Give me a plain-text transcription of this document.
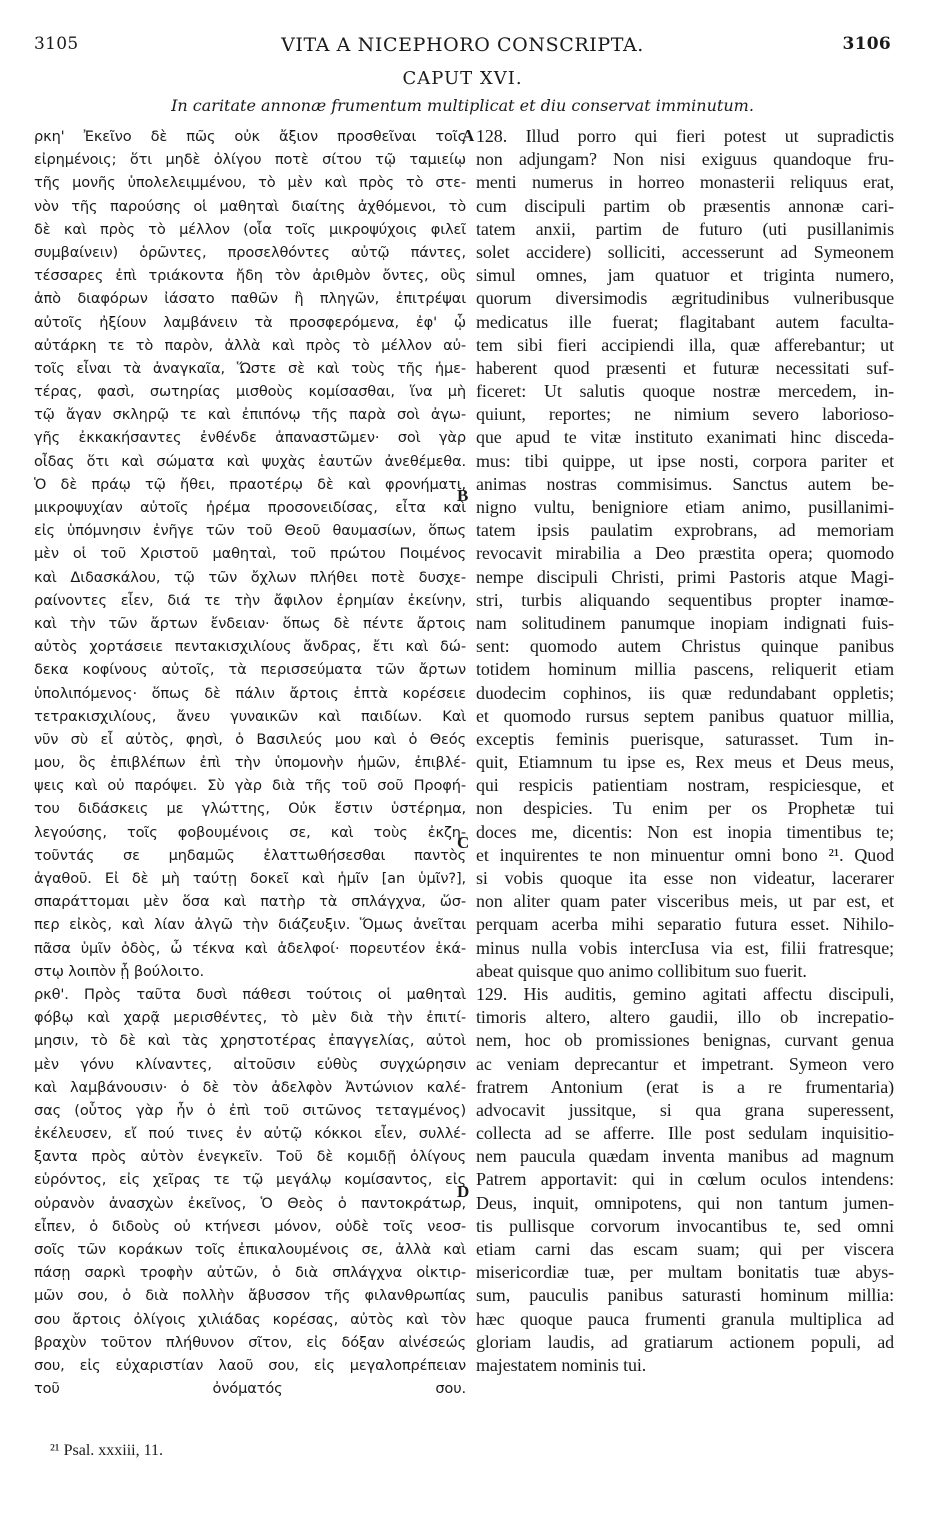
3105	VITA A NICEPHORO CONSCRIPTA.	3106
CAPUT XVI.
In caritate annonæ frumentum multiplicat et diu conservat imminutum.
ρκη' Ἐκεῖνο δὲ πῶς οὐκ ἄξιον προσθεῖναι τοῖς
εἰρημένοις; ὅτι μηδὲ ὀλίγου ποτὲ σίτου τῷ ταμιείῳ
τῆς μονῆς ὑπολελειμμένου, τὸ μὲν καὶ πρὸς τὸ στε-
νὸν τῆς παρούσης οἱ μαθηταὶ διαίτης ἀχθόμενοι, τὸ
δὲ καὶ πρὸς τὸ μέλλον (οἷα τοῖς μικροψύχοις φιλεῖ
συμβαίνειν) ὁρῶντες, προσελθόντες αὐτῷ πάντες,
τέσσαρες ἐπὶ τριάκοντα ἤδη τὸν ἀριθμὸν ὄντες, οὓς
ἀπὸ διαφόρων ἰάσατο παθῶν ἢ πληγῶν, ἐπιτρέψαι
αὐτοῖς ἠξίουν λαμβάνειν τὰ προσφερόμενα, ἐφ' ᾧ
αὐτάρκη τε τὸ παρὸν, ἀλλὰ καὶ πρὸς τὸ μέλλον αὐ-
τοῖς εἶναι τὰ ἀναγκαῖα, Ὥστε σὲ καὶ τοὺς τῆς ἡμε-
τέρας, φασὶ, σωτηρίας μισθοὺς κομίσασθαι, ἵνα μὴ
τῷ ἄγαν σκληρῷ τε καὶ ἐπιπόνῳ τῆς παρὰ σοὶ ἀγω-
γῆς ἐκκακήσαντες ἐνθένδε ἀπαναστῶμεν· σοὶ γὰρ
οἶδας ὅτι καὶ σώματα καὶ ψυχὰς ἑαυτῶν ἀνεθέμεθα.
Ὁ δὲ πράῳ τῷ ἤθει, πραοτέρῳ δὲ καὶ φρονήματι,
μικροψυχίαν αὐτοῖς ἠρέμα προσονειδίσας, εἶτα καὶ
εἰς ὑπόμνησιν ἐνῆγε τῶν τοῦ Θεοῦ θαυμασίων, ὅπως
μὲν οἱ τοῦ Χριστοῦ μαθηταὶ, τοῦ πρώτου Ποιμένος
καὶ Διδασκάλου, τῷ τῶν ὄχλων πλήθει ποτὲ δυσχε-
ραίνοντες εἶεν, διά τε τὴν ἄφιλον ἐρημίαν ἐκείνην,
καὶ τὴν τῶν ἄρτων ἔνδειαν· ὅπως δὲ πέντε ἄρτοις
αὐτὸς χορτάσειε πεντακισχιλίους ἄνδρας, ἔτι καὶ δώ-
δεκα κοφίνους αὐτοῖς, τὰ περισσεύματα τῶν ἄρτων
ὑπολιπόμενος· ὅπως δὲ πάλιν ἄρτοις ἑπτὰ κορέσειε
τετρακισχιλίους, ἄνευ γυναικῶν καὶ παιδίων. Καὶ
νῦν σὺ εἶ αὐτὸς, φησὶ, ὁ Βασιλεύς μου καὶ ὁ Θεός
μου, ὃς ἐπιβλέπων ἐπὶ τὴν ὑπομονὴν ἡμῶν, ἐπιβλέ-
ψεις καὶ οὐ παρόψει. Σὺ γὰρ διὰ τῆς τοῦ σοῦ Προφή-
του διδάσκεις με γλώττης, Οὐκ ἔστιν ὑστέρημα,
λεγούσης, τοῖς φοβουμένοις σε, καὶ τοὺς ἐκζη-
τοῦντάς σε μηδαμῶς ἐλαττωθήσεσθαι παντὸς
ἀγαθοῦ. Εἰ δὲ μὴ ταύτῃ δοκεῖ καὶ ἡμῖν [an ὑμῖν?],
σπαράττομαι μὲν ὅσα καὶ πατὴρ τὰ σπλάγχνα, ὥσ-
περ εἰκὸς, καὶ λίαν ἀλγῶ τὴν διάζευξιν. Ὅμως ἀνεῖται
πᾶσα ὑμῖν ὁδὸς, ὦ τέκνα καὶ ἀδελφοί· πορευτέον ἑκά-
στῳ λοιπὸν ᾗ βούλοιτο.
ρκθ'. Πρὸς ταῦτα δυσὶ πάθεσι τούτοις οἱ μαθηταὶ
φόβῳ καὶ χαρᾷ μερισθέντες, τὸ μὲν διὰ τὴν ἐπιτί-
μησιν, τὸ δὲ καὶ τὰς χρηστοτέρας ἐπαγγελίας, αὐτοὶ
μὲν γόνυ κλίναντες, αἰτοῦσιν εὐθὺς συγχώρησιν
καὶ λαμβάνουσιν· ὁ δὲ τὸν ἀδελφὸν Ἀντώνιον καλέ-
σας (οὗτος γὰρ ἦν ὁ ἐπὶ τοῦ σιτῶνος τεταγμένος)
ἐκέλευσεν, εἴ πού τινες ἐν αὐτῷ κόκκοι εἶεν, συλλέ-
ξαντα πρὸς αὐτὸν ἐνεγκεῖν. Τοῦ δὲ κομιδῇ ὀλίγους
εὑρόντος, εἰς χεῖρας τε τῷ μεγάλῳ κομίσαντος, εἰς
οὐρανὸν ἀνασχὼν ἐκεῖνος, Ὁ Θεὸς ὁ παντοκράτωρ,
εἶπεν, ὁ διδοὺς οὐ κτήνεσι μόνον, οὐδὲ τοῖς νεοσ-
σοῖς τῶν κοράκων τοῖς ἐπικαλουμένοις σε, ἀλλὰ καὶ
πάσῃ σαρκὶ τροφὴν αὐτῶν, ὁ διὰ σπλάγχνα οἰκτιρ-
μῶν σου, ὁ διὰ πολλὴν ἄβυσσον τῆς φιλανθρωπίας
σου ἄρτοις ὀλίγοις χιλιάδας κορέσας, αὐτὸς καὶ τὸν
βραχὺν τοῦτον πλήθυνον σῖτον, εἰς δόξαν αἰνέσεώς
σου, εἰς εὐχαριστίαν λαοῦ σου, εἰς μεγαλοπρέπειαν
τοῦ ὀνόματός σου.
128. Illud porro qui fieri potest ut supradictis
non adjungam? Non nisi exiguus quandoque fru-
menti numerus in horreo monasterii reliquus erat,
cum discipuli partim ob præsentis annonæ cari-
tatem anxii, partim de futuro (uti pusillanimis
solet accidere) solliciti, accesserunt ad Symeonem
simul omnes, jam quatuor et triginta numero,
quorum diversimodis ægritudinibus vulneribusque
medicatus ille fuerat; flagitabant autem faculta-
tem sibi fieri accipiendi illa, quæ afferebantur; ut
haberent quod præsenti et futuræ necessitati suf-
ficeret: Ut salutis quoque nostræ mercedem, in-
quiunt, reportes; ne nimium severo laborioso-
que apud te vitæ instituto exanimati hinc disceda-
mus: tibi quippe, ut ipse nosti, corpora pariter et
animas nostras commisimus. Sanctus autem be-
nigno vultu, benigniore etiam animo, pusillanimi-
tatem ipsis paulatim exprobrans, ad memoriam
revocavit mirabilia a Deo præstita opera; quomodo
nempe discipuli Christi, primi Pastoris atque Magi-
stri, turbis aliquando sequentibus propter inamœ-
nam solitudinem panumque inopiam indignati fuis-
sent: quomodo autem Christus quinque panibus
totidem hominum millia pascens, reliquerit etiam
duodecim cophinos, iis quæ redundabant oppletis;
et quomodo rursus septem panibus quatuor millia,
exceptis feminis puerisque, saturasset. Tum in-
quit, Etiamnum tu ipse es, Rex meus et Deus meus,
qui respicis patientiam nostram, respiciesque, et
non despicies. Tu enim per os Prophetæ tui
doces me, dicentis: Non est inopia timentibus te;
et inquirentes te non minuentur omni bono ²¹. Quod
si vobis quoque ita esse non videatur, lacerarer
non aliter quam pater visceribus meis, ut par est, et
perquam acerba mihi separatio futura esset. Nihilo-
minus nulla vobis intercIusa via est, filii fratresque;
abeat quisque quo animo collibitum suo fuerit.
129. His auditis, gemino agitati affectu discipuli,
timoris altero, altero gaudii, illo ob increpatio-
nem, hoc ob promissiones benignas, curvant genua
ac veniam deprecantur et impetrant. Symeon vero
fratrem Antonium (erat is a re frumentaria)
advocavit jussitque, si qua grana superessent,
collecta ad se afferre. Ille post sedulam inquisitio-
nem paucula quædam inventa manibus ad magnum
Patrem apportavit: qui in cœlum oculos intendens:
Deus, inquit, omnipotens, qui non tantum jumen-
tis pullisque corvorum invocantibus te, sed omni
etiam carni das escam suam; qui per viscera
misericordiæ tuæ, per multam bonitatis tuæ abys-
sum, pauculis panibus saturasti hominum millia:
hæc quoque pauca frumenti granula multiplica ad
gloriam laudis, ad gratiarum actionem populi, ad
majestatem nominis tui.
A
B
C
D
²¹ Psal. xxxiii, 11.
